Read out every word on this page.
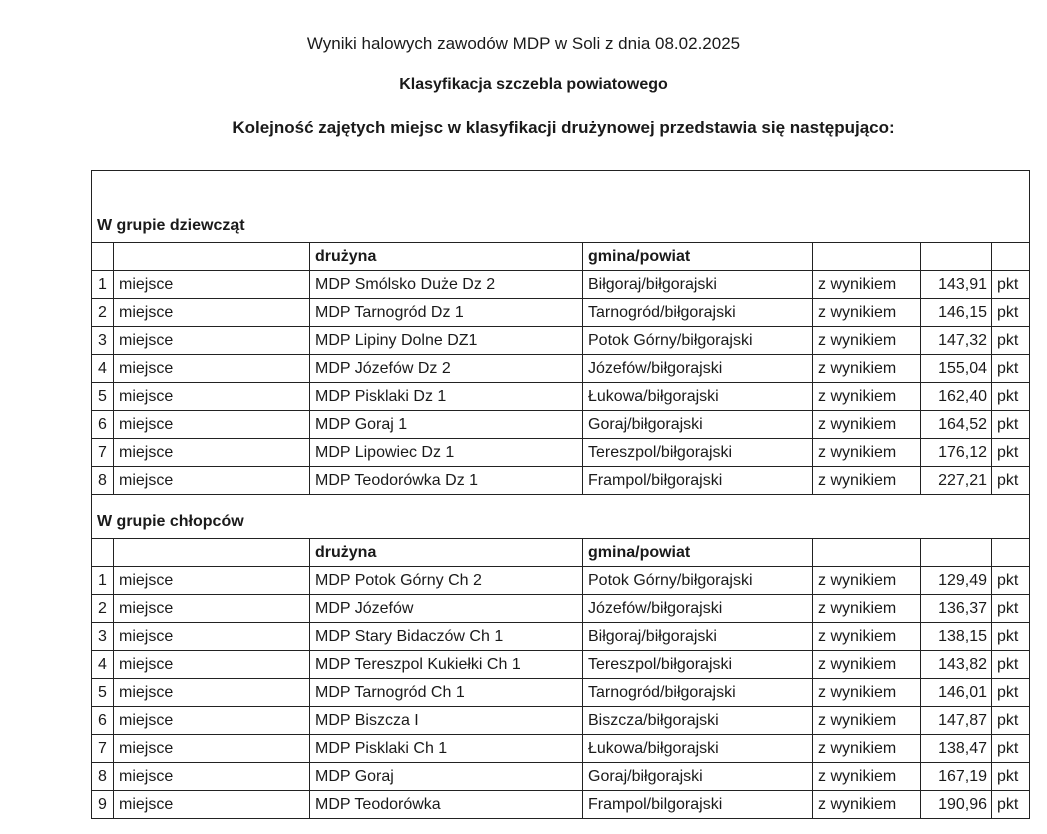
Wyniki halowych zawodów MDP w Soli z dnia 08.02.2025
Klasyfikacja szczebla powiatowego
Kolejność zajętych miejsc w klasyfikacji drużynowej przedstawia się następująco:
W grupie dziewcząt						
		drużyna	gmina/powiat			
1	miejsce	MDP Smólsko Duże Dz 2	Biłgoraj/biłgorajski	z wynikiem	143,91	pkt
2	miejsce	MDP Tarnogród Dz 1	Tarnogród/biłgorajski	z wynikiem	146,15	pkt
3	miejsce	MDP Lipiny Dolne DZ1	Potok Górny/biłgorajski	z wynikiem	147,32	pkt
4	miejsce	MDP Józefów Dz 2	Józefów/biłgorajski	z wynikiem	155,04	pkt
5	miejsce	MDP Pisklaki Dz 1	Łukowa/biłgorajski	z wynikiem	162,40	pkt
6	miejsce	MDP Goraj 1	Goraj/biłgorajski	z wynikiem	164,52	pkt
7	miejsce	MDP Lipowiec Dz 1	Tereszpol/biłgorajski	z wynikiem	176,12	pkt
8	miejsce	MDP Teodorówka Dz 1	Frampol/biłgorajski	z wynikiem	227,21	pkt
W grupie chłopców						
		drużyna	gmina/powiat			
1	miejsce	MDP Potok Górny Ch 2	Potok Górny/biłgorajski	z wynikiem	129,49	pkt
2	miejsce	MDP Józefów	Józefów/biłgorajski	z wynikiem	136,37	pkt
3	miejsce	MDP Stary Bidaczów Ch 1	Biłgoraj/biłgorajski	z wynikiem	138,15	pkt
4	miejsce	MDP Tereszpol Kukiełki Ch 1	Tereszpol/biłgorajski	z wynikiem	143,82	pkt
5	miejsce	MDP Tarnogród Ch 1	Tarnogród/biłgorajski	z wynikiem	146,01	pkt
6	miejsce	MDP Biszcza I	Biszcza/biłgorajski	z wynikiem	147,87	pkt
7	miejsce	MDP Pisklaki Ch 1	Łukowa/biłgorajski	z wynikiem	138,47	pkt
8	miejsce	MDP Goraj	Goraj/biłgorajski	z wynikiem	167,19	pkt
9	miejsce	MDP Teodorówka	Frampol/bilgorajski	z wynikiem	190,96	pkt
